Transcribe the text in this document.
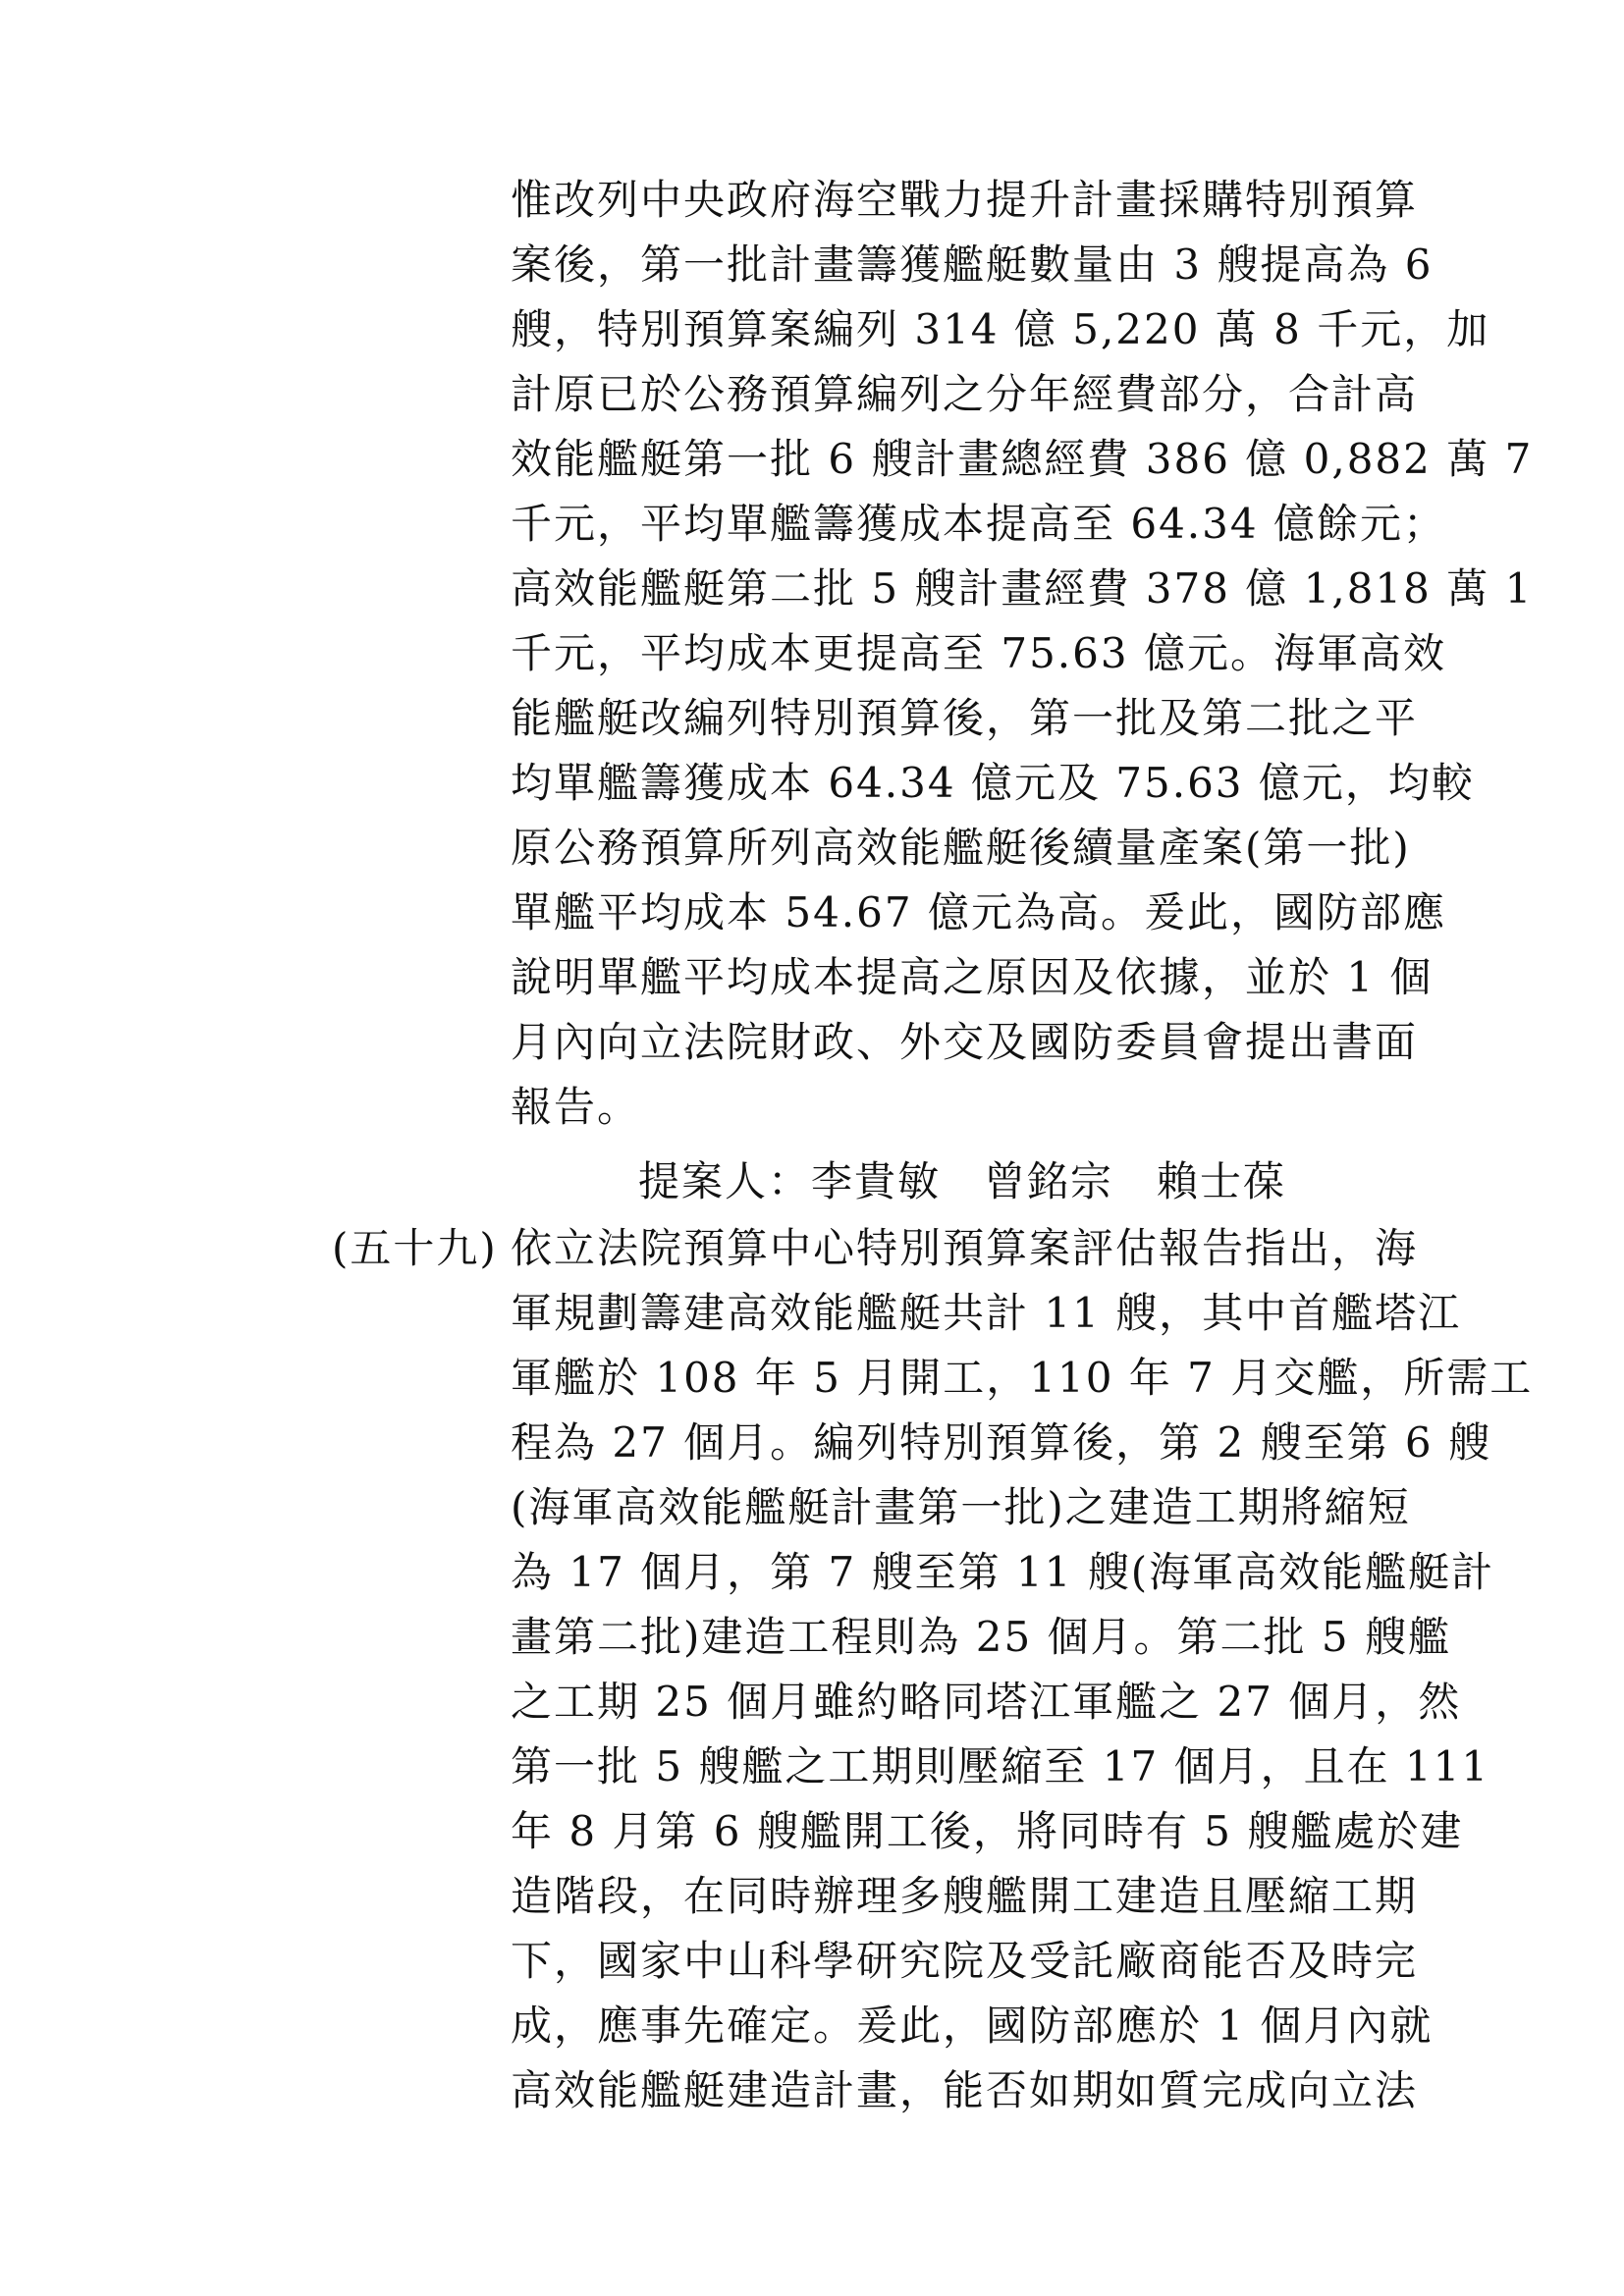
惟改列中央政府海空戰力提升計畫採購特別預算
案後，第一批計畫籌獲艦艇數量由 3 艘提高為 6
艘，特別預算案編列 314 億 5,220 萬 8 千元，加
計原已於公務預算編列之分年經費部分，合計高
效能艦艇第一批 6 艘計畫總經費 386 億 0,882 萬 7
千元，平均單艦籌獲成本提高至 64.34 億餘元；
高效能艦艇第二批 5 艘計畫經費 378 億 1,818 萬 1
千元，平均成本更提高至 75.63 億元。海軍高效
能艦艇改編列特別預算後，第一批及第二批之平
均單艦籌獲成本 64.34 億元及 75.63 億元，均較
原公務預算所列高效能艦艇後續量產案(第一批)
單艦平均成本 54.67 億元為高。爰此，國防部應
說明單艦平均成本提高之原因及依據，並於 1 個
月內向立法院財政、外交及國防委員會提出書面
報告。
提案人：李貴敏　曾銘宗　賴士葆
(五十九) 依立法院預算中心特別預算案評估報告指出，海
軍規劃籌建高效能艦艇共計 11 艘，其中首艦塔江
軍艦於 108 年 5 月開工，110 年 7 月交艦，所需工
程為 27 個月。編列特別預算後，第 2 艘至第 6 艘
(海軍高效能艦艇計畫第一批)之建造工期將縮短
為 17 個月，第 7 艘至第 11 艘(海軍高效能艦艇計
畫第二批)建造工程則為 25 個月。第二批 5 艘艦
之工期 25 個月雖約略同塔江軍艦之 27 個月，然
第一批 5 艘艦之工期則壓縮至 17 個月，且在 111
年 8 月第 6 艘艦開工後，將同時有 5 艘艦處於建
造階段，在同時辦理多艘艦開工建造且壓縮工期
下，國家中山科學研究院及受託廠商能否及時完
成，應事先確定。爰此，國防部應於 1 個月內就
高效能艦艇建造計畫，能否如期如質完成向立法
